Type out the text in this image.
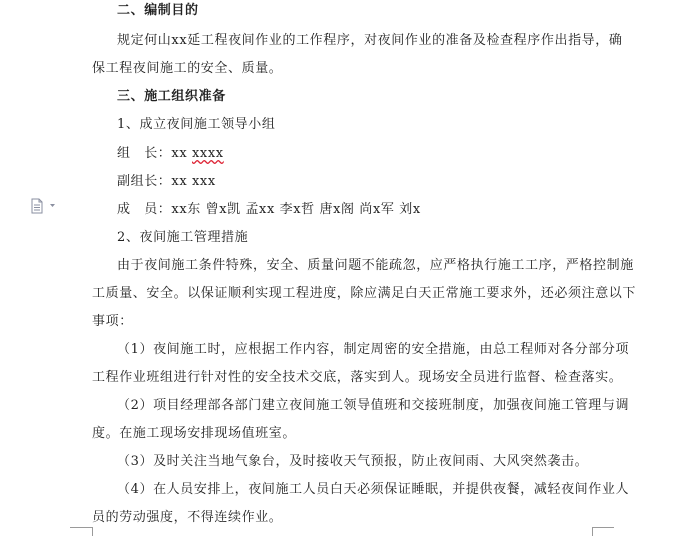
二、编制目的
规定何山xx延工程夜间作业的工作程序，对夜间作业的准备及检查程序作出指导，确
保工程夜间施工的安全、质量。
三、施工组织准备
1、成立夜间施工领导小组
组　长：xx xxxx
副组长：xx xxx
成　员：xx东 曾x凯 孟xx 李x哲 唐x阁 尚x军 刘x
2、夜间施工管理措施
由于夜间施工条件特殊，安全、质量问题不能疏忽，应严格执行施工工序，严格控制施
工质量、安全。以保证顺利实现工程进度，除应满足白天正常施工要求外，还必须注意以下
事项：
（1）夜间施工时，应根据工作内容，制定周密的安全措施，由总工程师对各分部分项
工程作业班组进行针对性的安全技术交底，落实到人。现场安全员进行监督、检查落实。
（2）项目经理部各部门建立夜间施工领导值班和交接班制度，加强夜间施工管理与调
度。在施工现场安排现场值班室。
（3）及时关注当地气象台，及时接收天气预报，防止夜间雨、大风突然袭击。
（4）在人员安排上，夜间施工人员白天必须保证睡眠，并提供夜餐，减轻夜间作业人
员的劳动强度，不得连续作业。
